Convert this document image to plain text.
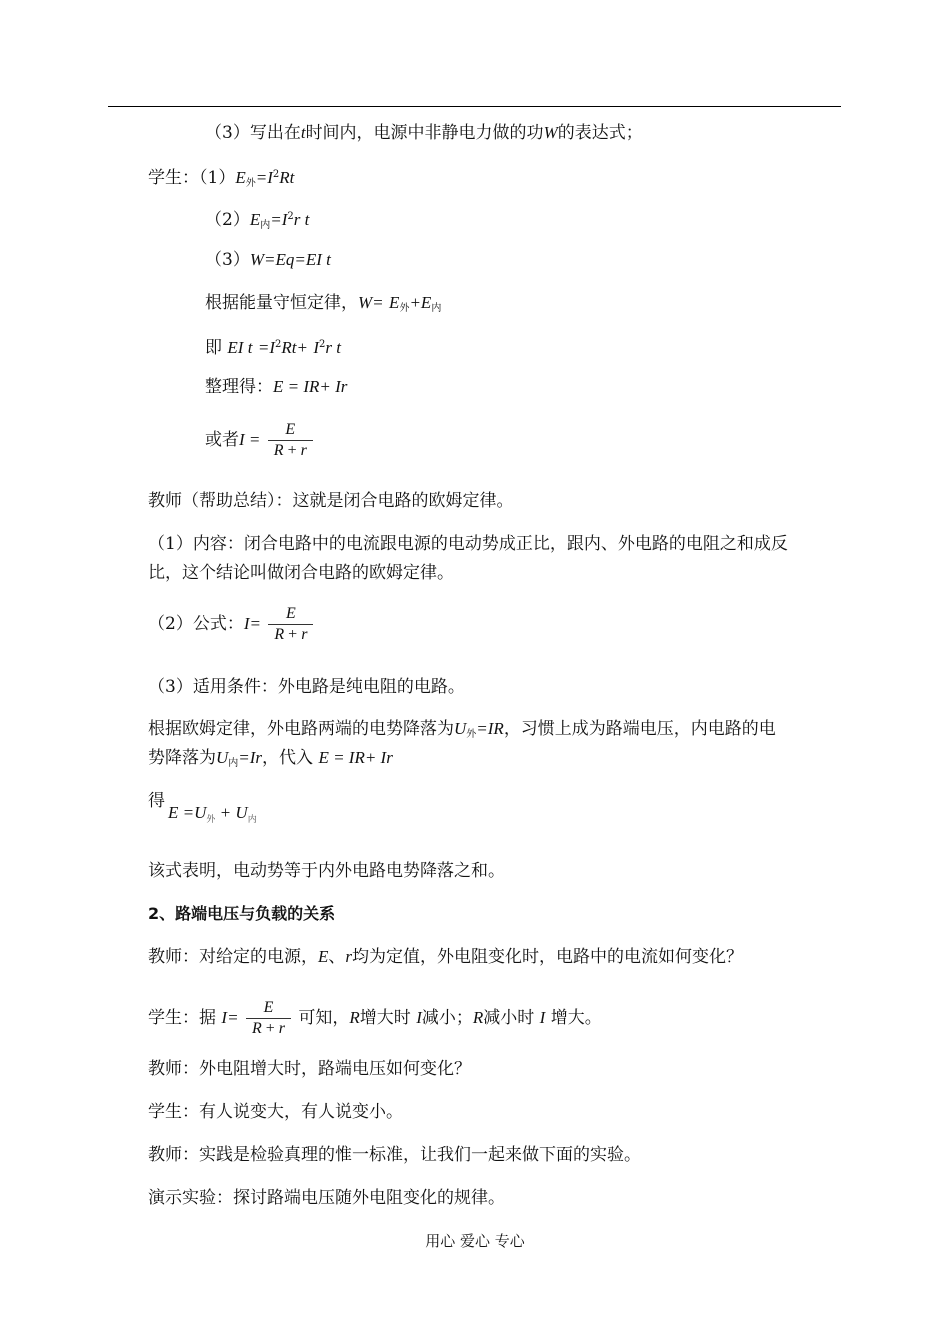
（3）写出在t时间内，电源中非静电力做的功W的表达式；
学生：$(1)E_外=I^2Rt$
$(2)E_内=I^2r$ t
（3）W=Eq=EI t
根据能量守恒定律，$W= E_外+E_内$
即 EI $t =I^2Rt+ I^2r$ t
整理得：E = IR+ Ir
或者$I = \frac{E}{R + r}$
教师（帮助总结）：这就是闭合电路的欧姆定律。
（1）内容：闭合电路中的电流跟电源的电动势成正比，跟内、外电路的电阻之和成反
比，这个结论叫做闭合电路的欧姆定律。
（2）公式：$I= \frac{E}{R + r}$
（3）适用条件：外电路是纯电阻的电路。
根据欧姆定律，外电路两端的电势降落为$U_外=IR$，习惯上成为路端电压，内电路的电
势降落为$U_内=Ir$，代入 E = IR+ Ir
得
$E =U_外 + U_内$
该式表明，电动势等于内外电路电势降落之和。
2、路端电压与负载的关系
教师：对给定的电源，E、r均为定值，外电阻变化时，电路中的电流如何变化？
学生：据 $I= \frac{E}{R + r}$ 可知，R增大时 I减小；R减小时 I 增大。
教师：外电阻增大时，路端电压如何变化？
学生：有人说变大，有人说变小。
教师：实践是检验真理的惟一标准，让我们一起来做下面的实验。
演示实验：探讨路端电压随外电阻变化的规律。
用心 爱心 专心
